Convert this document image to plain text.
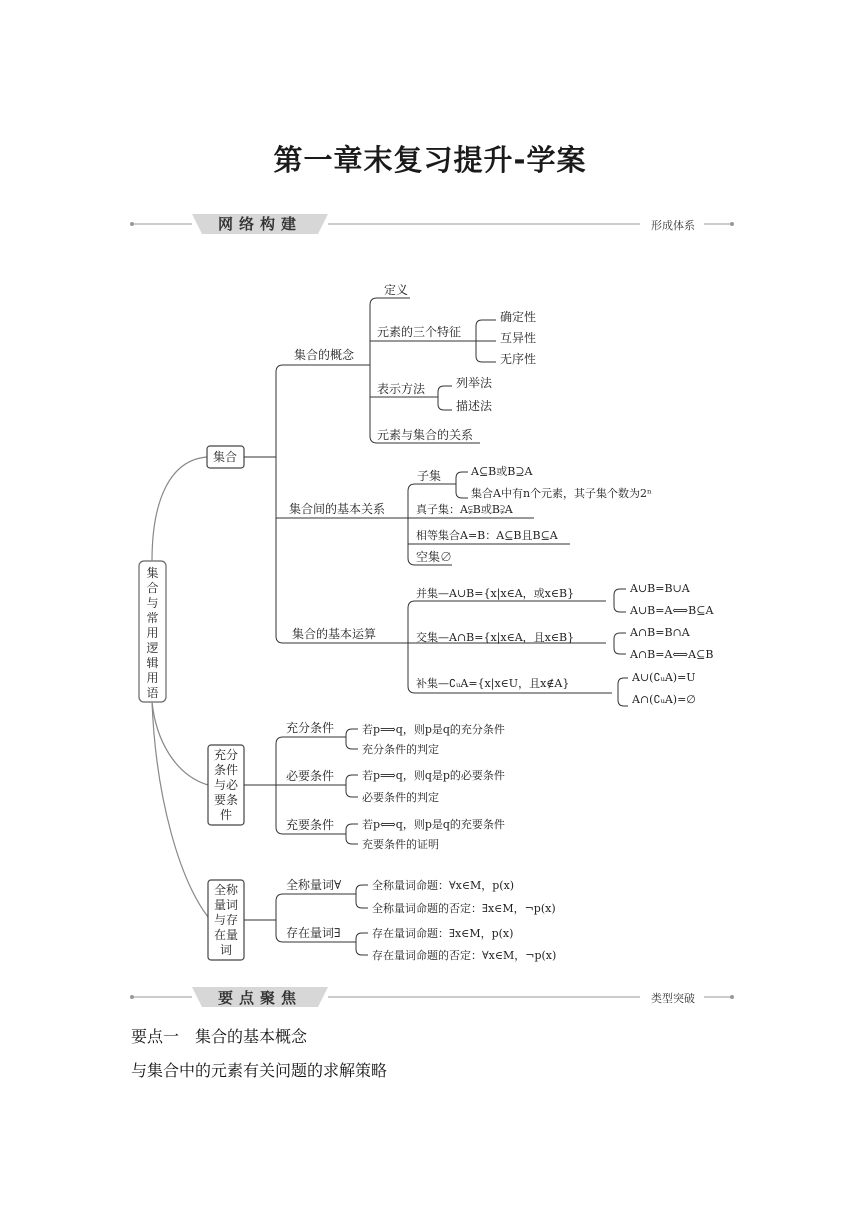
第一章末复习提升-学案
网络构建	形成体系
要点聚焦	类型突破
集
合
与
常
用
逻
辑
用
语
集合
充分
条件
与必
要条
件
全称
量词
与存
在量
词
集合的概念
定义
元素的三个特征
确定性
互异性
无序性
表示方法	列举法
描述法
元素与集合的关系
集合间的基本关系
子集	A⊆B或B⊇A
集合A中有n个元素，其子集个数为2ⁿ
真子集：A⫋B或B⫌A
相等集合A=B：A⊆B且B⊆A
空集∅
集合的基本运算
并集—A∪B={x|x∈A，或x∈B}	A∪B=B∪A
A∪B=A⟺B⊆A
交集—A∩B={x|x∈A，且x∈B}	A∩B=B∩A
A∩B=A⟺A⊆B
补集—∁ᵤA={x|x∈U，且x∉A}	A∪(∁ᵤA)=U
A∩(∁ᵤA)=∅
充分条件	若p⟹q，则p是q的充分条件
充分条件的判定
必要条件	若p⟹q，则q是p的必要条件
必要条件的判定
充要条件	若p⟺q，则p是q的充要条件
充要条件的证明
全称量词∀	全称量词命题：∀x∈M，p(x)
全称量词命题的否定：∃x∈M，¬p(x)
存在量词∃	存在量词命题：∃x∈M，p(x)
存在量词命题的否定：∀x∈M，¬p(x)
要点一　集合的基本概念
与集合中的元素有关问题的求解策略
